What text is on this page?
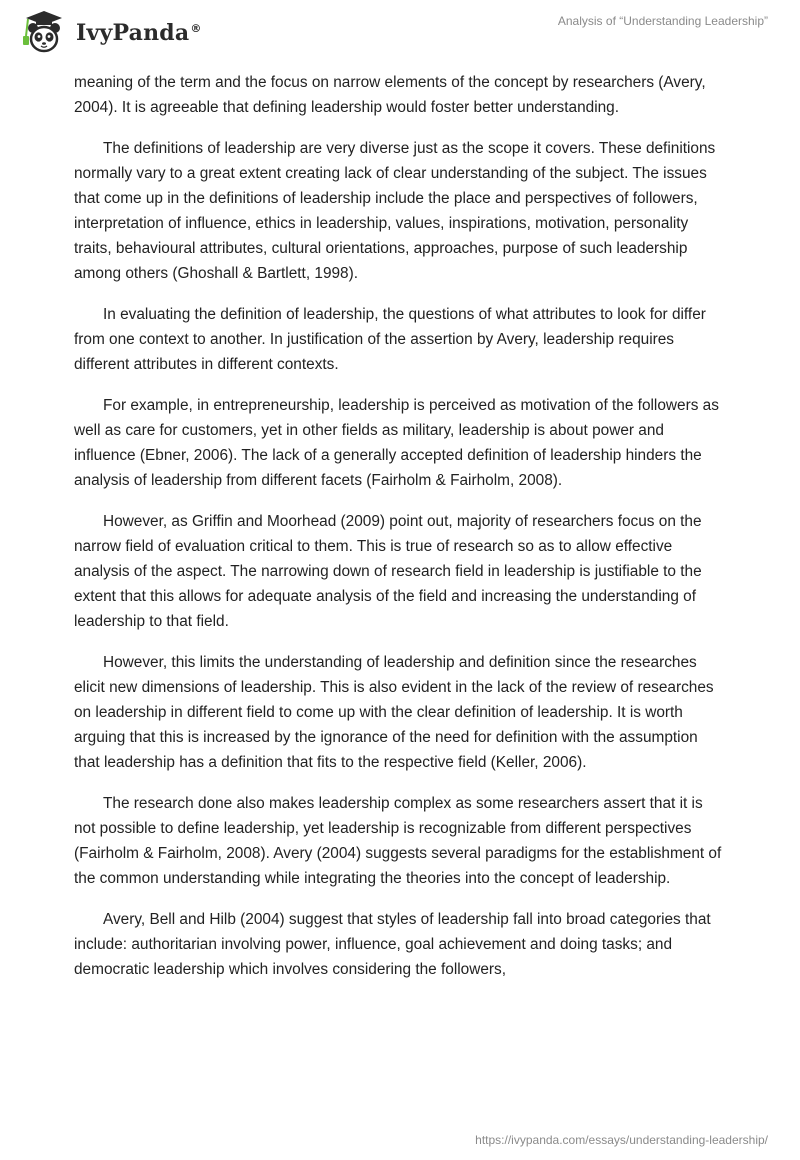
IvyPanda®
Analysis of “Understanding Leadership”

meaning of the term and the focus on narrow elements of the concept by researchers (Avery, 2004). It is agreeable that defining leadership would foster better understanding.

The definitions of leadership are very diverse just as the scope it covers. These definitions normally vary to a great extent creating lack of clear understanding of the subject. The issues that come up in the definitions of leadership include the place and perspectives of followers, interpretation of influence, ethics in leadership, values, inspirations, motivation, personality traits, behavioural attributes, cultural orientations, approaches, purpose of such leadership among others (Ghoshall & Bartlett, 1998).

In evaluating the definition of leadership, the questions of what attributes to look for differ from one context to another. In justification of the assertion by Avery, leadership requires different attributes in different contexts.

For example, in entrepreneurship, leadership is perceived as motivation of the followers as well as care for customers, yet in other fields as military, leadership is about power and influence (Ebner, 2006). The lack of a generally accepted definition of leadership hinders the analysis of leadership from different facets (Fairholm & Fairholm, 2008).

However, as Griffin and Moorhead (2009) point out, majority of researchers focus on the narrow field of evaluation critical to them. This is true of research so as to allow effective analysis of the aspect. The narrowing down of research field in leadership is justifiable to the extent that this allows for adequate analysis of the field and increasing the understanding of leadership to that field.

However, this limits the understanding of leadership and definition since the researches elicit new dimensions of leadership. This is also evident in the lack of the review of researches on leadership in different field to come up with the clear definition of leadership. It is worth arguing that this is increased by the ignorance of the need for definition with the assumption that leadership has a definition that fits to the respective field (Keller, 2006).

The research done also makes leadership complex as some researchers assert that it is not possible to define leadership, yet leadership is recognizable from different perspectives (Fairholm & Fairholm, 2008). Avery (2004) suggests several paradigms for the establishment of the common understanding while integrating the theories into the concept of leadership.

Avery, Bell and Hilb (2004) suggest that styles of leadership fall into broad categories that include: authoritarian involving power, influence, goal achievement and doing tasks; and democratic leadership which involves considering the followers,

https://ivypanda.com/essays/understanding-leadership/
